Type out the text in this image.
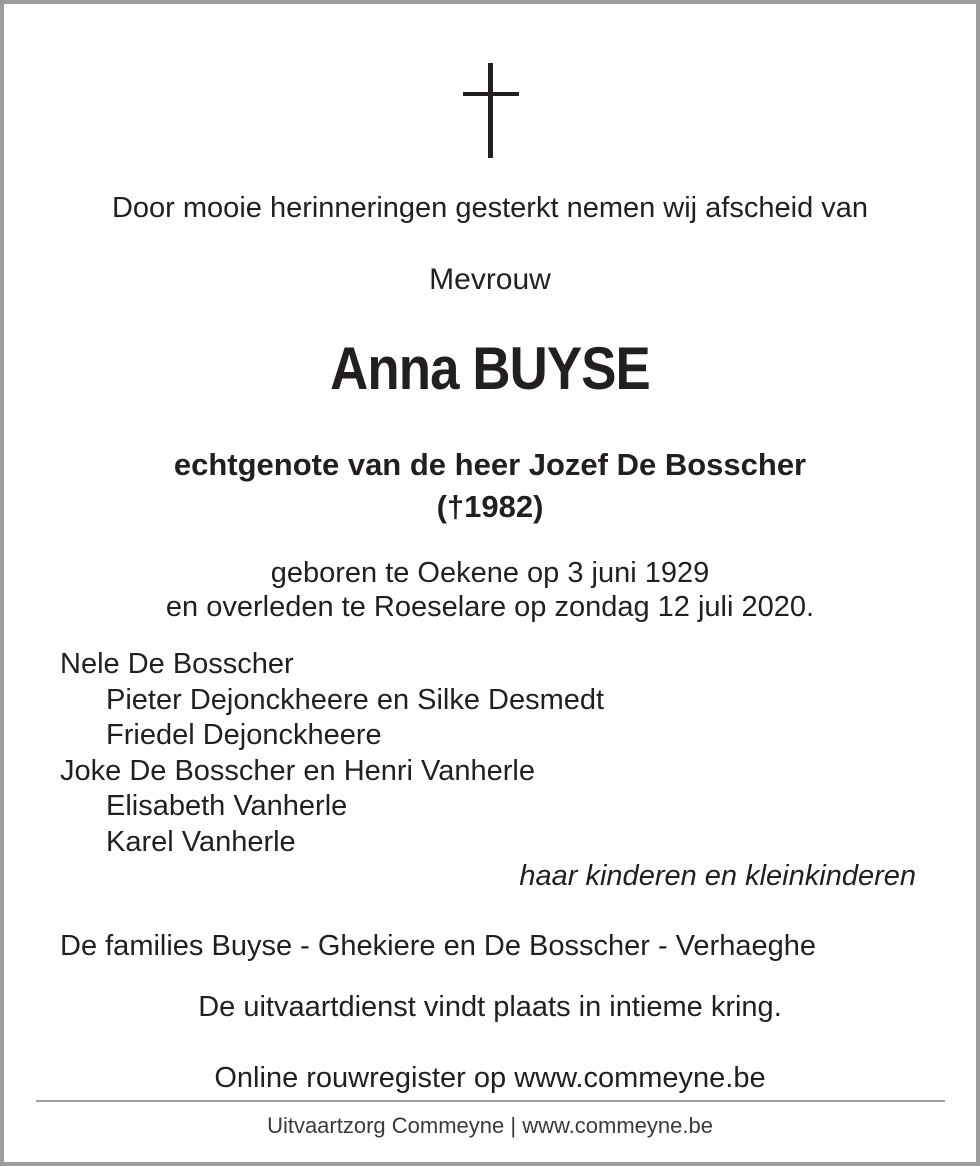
Door mooie herinneringen gesterkt nemen wij afscheid van
Mevrouw
Anna BUYSE
echtgenote van de heer Jozef De Bosscher
(†1982)
geboren te Oekene op 3 juni 1929
en overleden te Roeselare op zondag 12 juli 2020.
Nele De Bosscher
Pieter Dejonckheere en Silke Desmedt
Friedel Dejonckheere
Joke De Bosscher en Henri Vanherle
Elisabeth Vanherle
Karel Vanherle
haar kinderen en kleinkinderen
De families Buyse - Ghekiere en De Bosscher - Verhaeghe
De uitvaartdienst vindt plaats in intieme kring.
Online rouwregister op www.commeyne.be
Uitvaartzorg Commeyne | www.commeyne.be
